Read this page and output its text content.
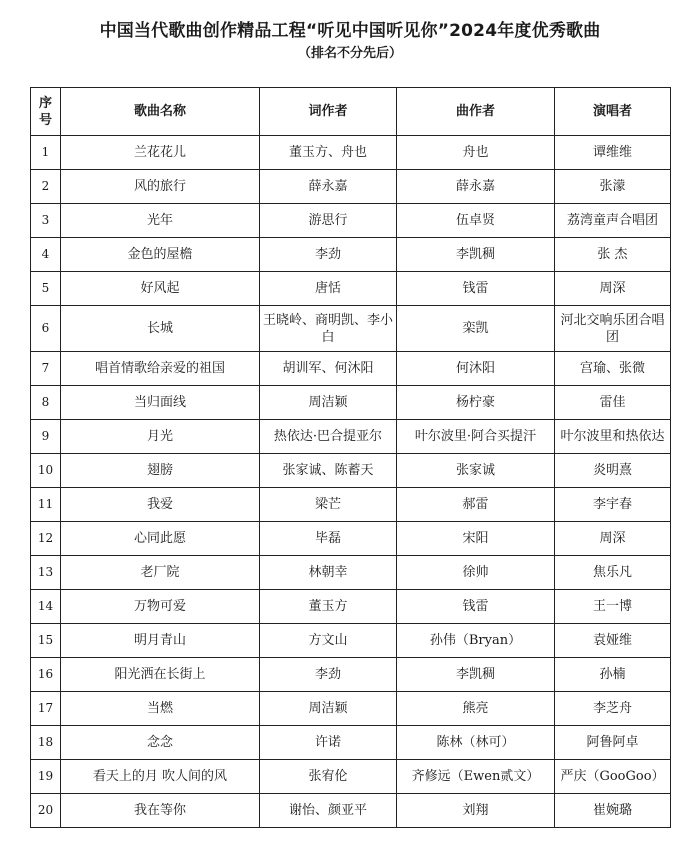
中国当代歌曲创作精品工程“听见中国听见你”2024年度优秀歌曲
（排名不分先后）
序号	歌曲名称	词作者	曲作者	演唱者
1	兰花花儿	董玉方、舟也	舟也	谭维维
2	风的旅行	薛永嘉	薛永嘉	张濛
3	光年	游思行	伍卓贤	荔湾童声合唱团
4	金色的屋檐	李劲	李凯稠	张 杰
5	好风起	唐恬	钱雷	周深
6	长城	王晓岭、商明凯、李小白	栾凯	河北交响乐团合唱团
7	唱首情歌给亲爱的祖国	胡训军、何沐阳	何沐阳	宫瑜、张微
8	当归面线	周洁颖	杨柠豪	雷佳
9	月光	热依达·巴合提亚尔	叶尔波里·阿合买提汗	叶尔波里和热依达
10	翅膀	张家诚、陈蓄天	张家诚	炎明熹
11	我爱	梁芒	郝雷	李宇春
12	心同此愿	毕磊	宋阳	周深
13	老厂院	林朝幸	徐帅	焦乐凡
14	万物可爱	董玉方	钱雷	王一博
15	明月青山	方文山	孙伟（Bryan）	袁娅维
16	阳光洒在长街上	李劲	李凯稠	孙楠
17	当燃	周洁颖	熊亮	李芝舟
18	念念	许诺	陈林（林可）	阿鲁阿卓
19	看天上的月 吹人间的风	张宥伦	齐修远（Ewen贰文）	严庆（GooGoo）
20	我在等你	谢怡、颜亚平	刘翔	崔婉璐
